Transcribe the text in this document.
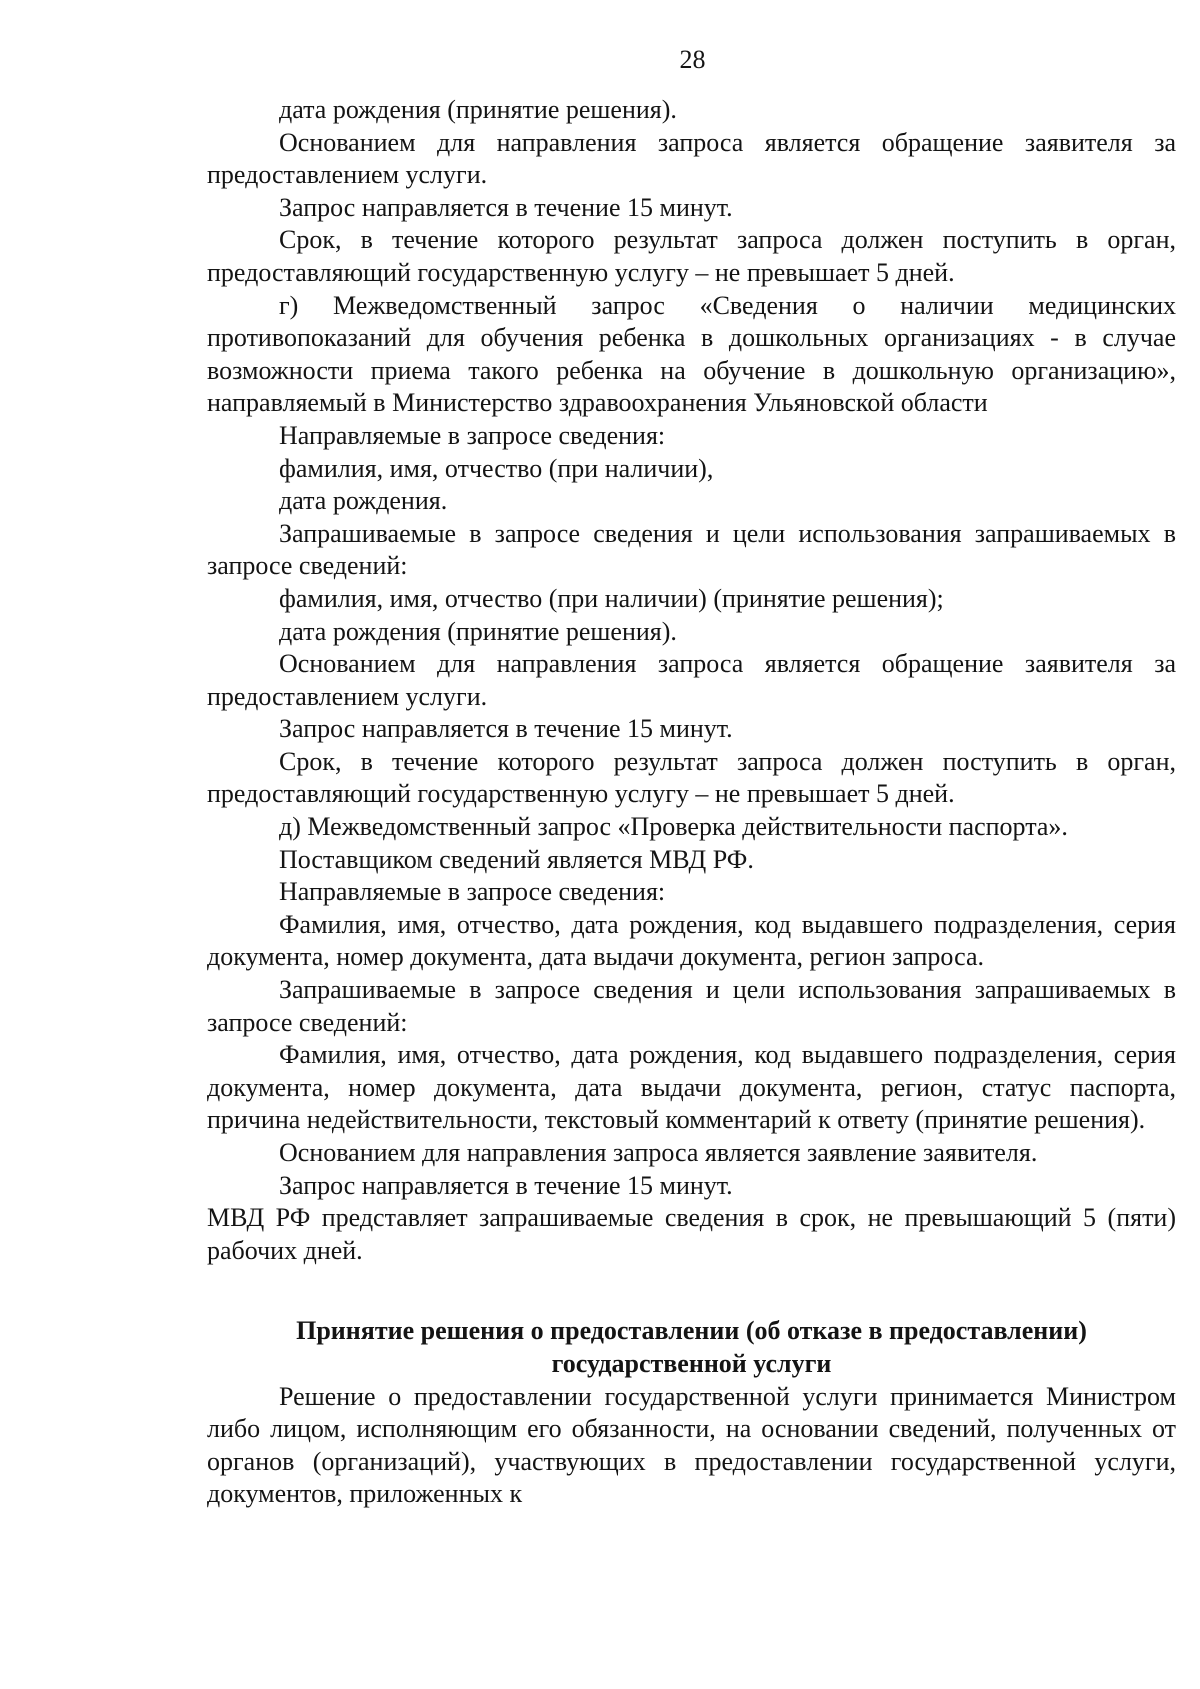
28

дата рождения (принятие решения).

Основанием для направления запроса является обращение заявителя за предоставлением услуги.

Запрос направляется в течение 15 минут.

Срок, в течение которого результат запроса должен поступить в орган, предоставляющий государственную услугу – не превышает 5 дней.

г) Межведомственный запрос «Сведения о наличии медицинских противопоказаний для обучения ребенка в дошкольных организациях - в случае возможности приема такого ребенка на обучение в дошкольную организацию», направляемый в Министерство здравоохранения Ульяновской области

Направляемые в запросе сведения:

фамилия, имя, отчество (при наличии),

дата рождения.

Запрашиваемые в запросе сведения и цели использования запрашиваемых в запросе сведений:

фамилия, имя, отчество (при наличии) (принятие решения);

дата рождения (принятие решения).

Основанием для направления запроса является обращение заявителя за предоставлением услуги.

Запрос направляется в течение 15 минут.

Срок, в течение которого результат запроса должен поступить в орган, предоставляющий государственную услугу – не превышает 5 дней.

д) Межведомственный запрос «Проверка действительности паспорта».

Поставщиком сведений является МВД РФ.

Направляемые в запросе сведения:

Фамилия, имя, отчество, дата рождения, код выдавшего подразделения, серия документа, номер документа, дата выдачи документа, регион запроса.

Запрашиваемые в запросе сведения и цели использования запрашиваемых в запросе сведений:

Фамилия, имя, отчество, дата рождения, код выдавшего подразделения, серия документа, номер документа, дата выдачи документа, регион, статус паспорта, причина недействительности, текстовый комментарий к ответу (принятие решения).

Основанием для направления запроса является заявление заявителя.

Запрос направляется в течение 15 минут.

МВД РФ представляет запрашиваемые сведения в срок, не превышающий 5 (пяти) рабочих дней.

Принятие решения о предоставлении (об отказе в предоставлении) государственной услуги

Решение о предоставлении государственной услуги принимается Министром либо лицом, исполняющим его обязанности, на основании сведений, полученных от органов (организаций), участвующих в предоставлении государственной услуги, документов, приложенных к
